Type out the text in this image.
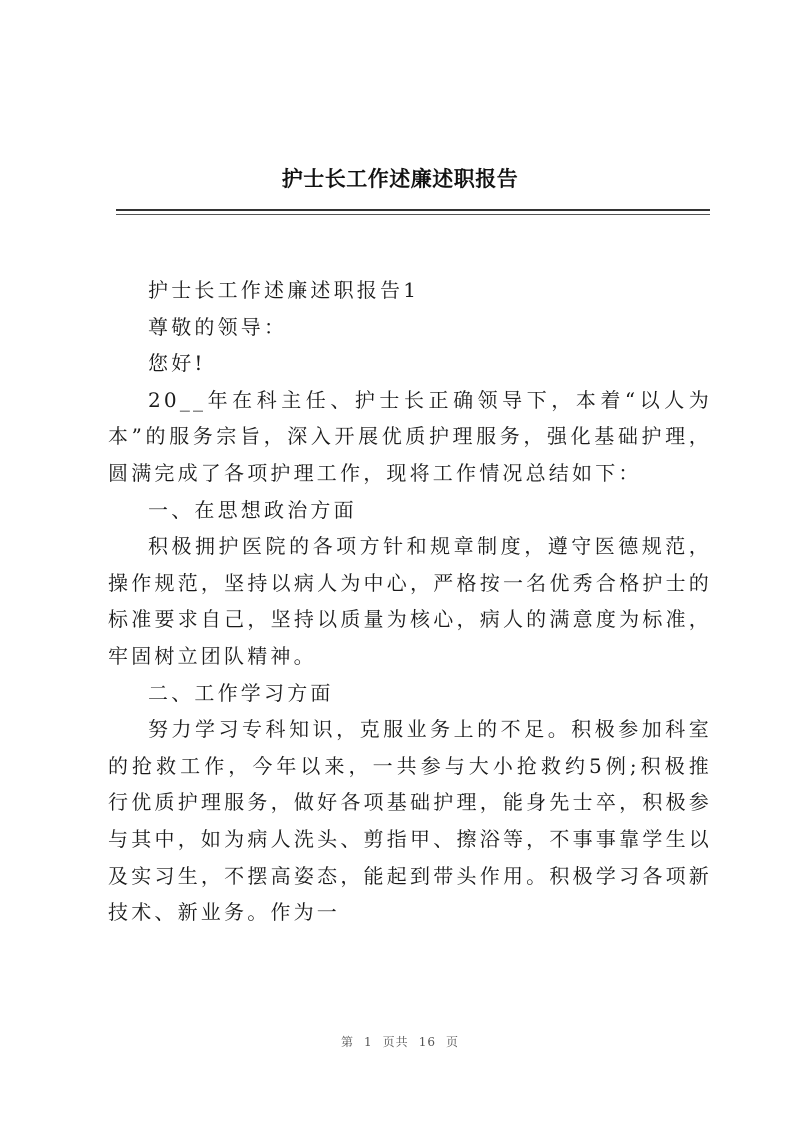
护士长工作述廉述职报告

护士长工作述廉述职报告1

尊敬的领导：

您好!

20__年在科主任、护士长正确领导下，本着“以人为本”的服务宗旨，深入开展优质护理服务，强化基础护理，圆满完成了各项护理工作，现将工作情况总结如下：

一、在思想政治方面

积极拥护医院的各项方针和规章制度，遵守医德规范，操作规范，坚持以病人为中心，严格按一名优秀合格护士的标准要求自己，坚持以质量为核心，病人的满意度为标准，牢固树立团队精神。

二、工作学习方面

努力学习专科知识，克服业务上的不足。积极参加科室的抢救工作，今年以来，一共参与大小抢救约5例;积极推行优质护理服务，做好各项基础护理，能身先士卒，积极参与其中，如为病人洗头、剪指甲、擦浴等，不事事靠学生以及实习生，不摆高姿态，能起到带头作用。积极学习各项新技术、新业务。作为一

第 1 页共 16 页
